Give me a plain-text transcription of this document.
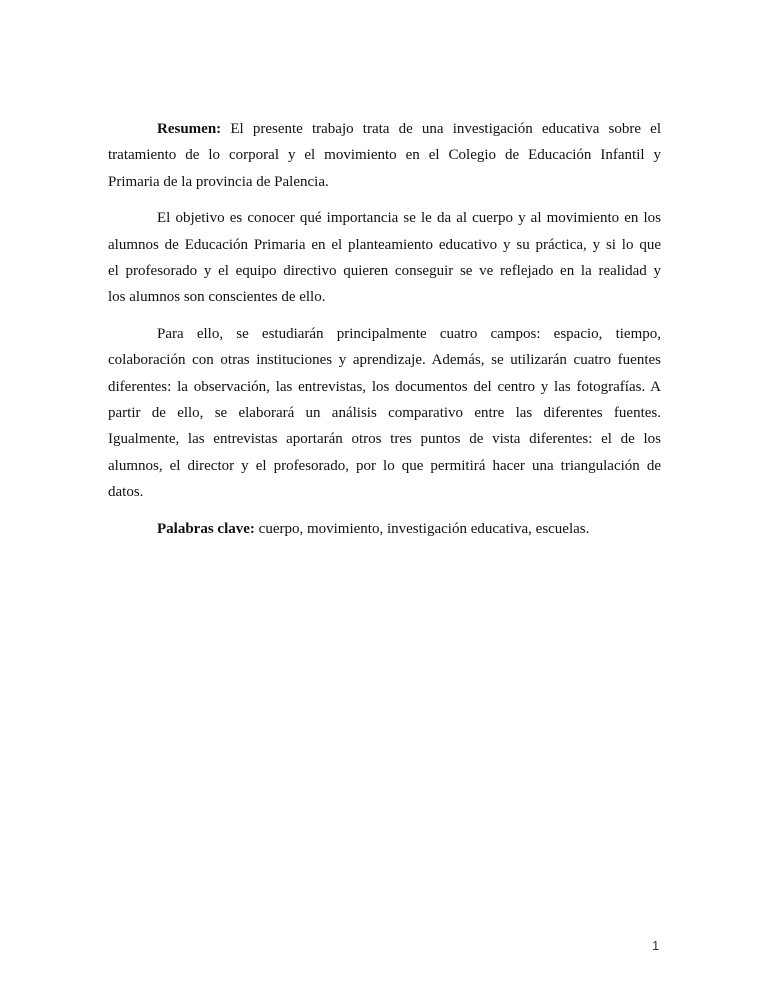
Resumen: El presente trabajo trata de una investigación educativa sobre el
tratamiento de lo corporal y el movimiento en el Colegio de Educación Infantil y
Primaria de la provincia de Palencia.

El objetivo es conocer qué importancia se le da al cuerpo y al movimiento en los
alumnos de Educación Primaria en el planteamiento educativo y su práctica, y si lo que
el profesorado y el equipo directivo quieren conseguir se ve reflejado en la realidad y
los alumnos son conscientes de ello.

Para ello, se estudiarán principalmente cuatro campos: espacio, tiempo,
colaboración con otras instituciones y aprendizaje. Además, se utilizarán cuatro fuentes
diferentes: la observación, las entrevistas, los documentos del centro y las fotografías. A
partir de ello, se elaborará un análisis comparativo entre las diferentes fuentes.
Igualmente, las entrevistas aportarán otros tres puntos de vista diferentes: el de los
alumnos, el director y el profesorado, por lo que permitirá hacer una triangulación de
datos.

Palabras clave: cuerpo, movimiento, investigación educativa, escuelas.

1
